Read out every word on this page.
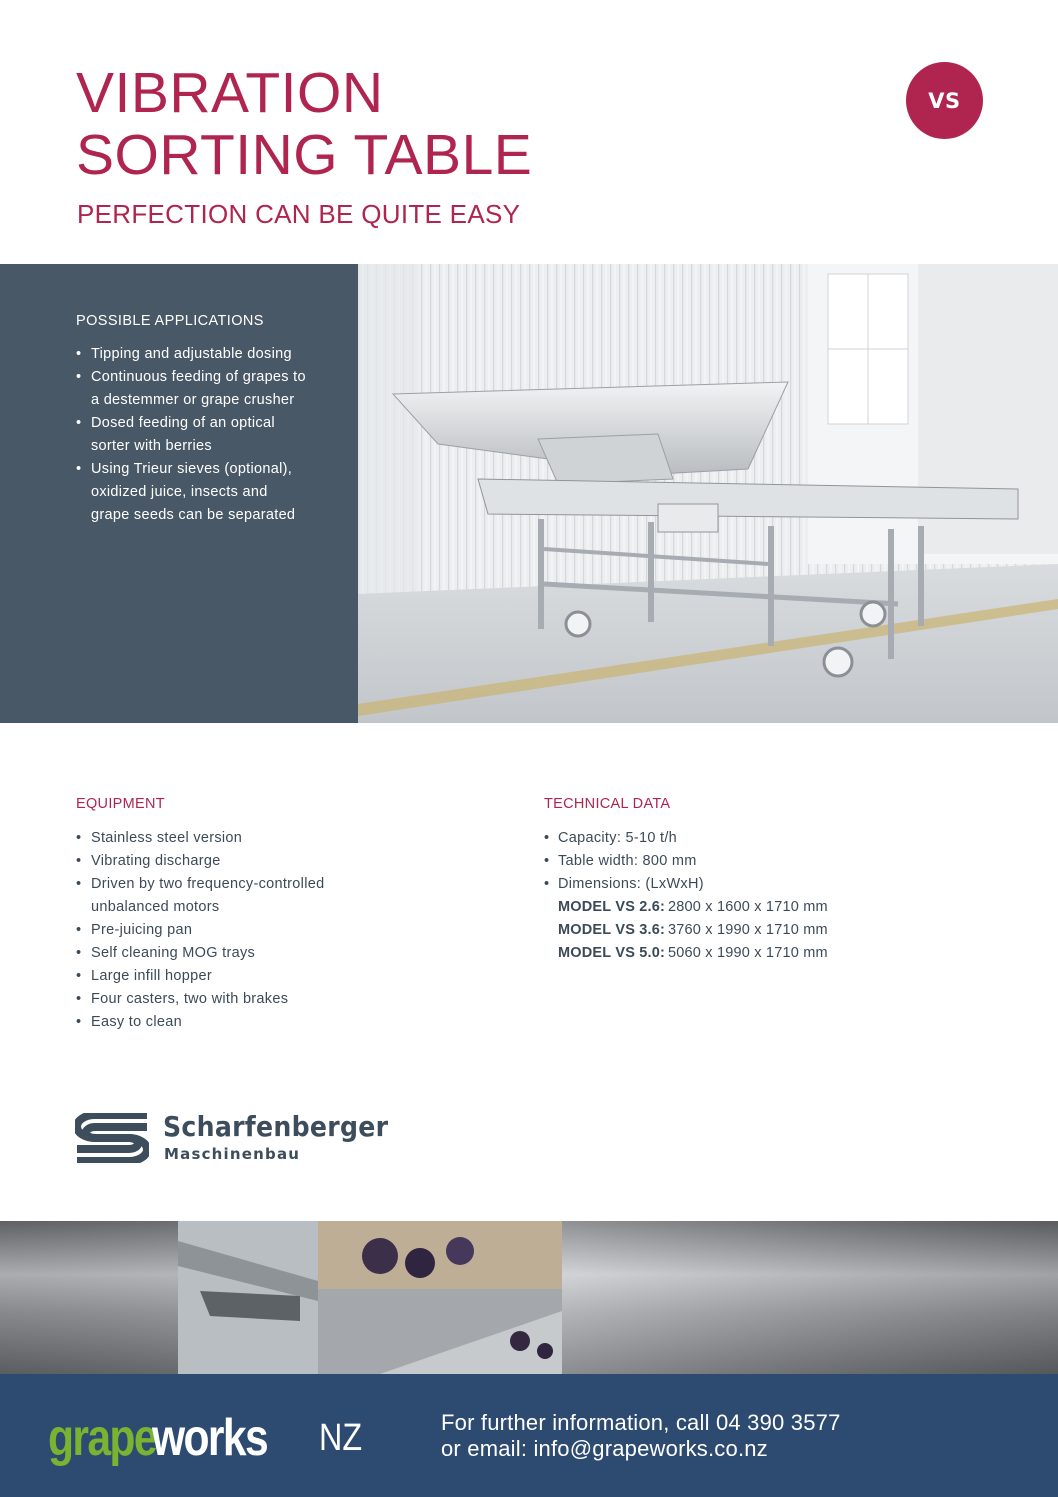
VIBRATION
SORTING TABLE
PERFECTION CAN BE QUITE EASY
VS
POSSIBLE APPLICATIONS
• Tipping and adjustable dosing
• Continuous feeding of grapes to
a destemmer or grape crusher
• Dosed feeding of an optical
sorter with berries
• Using Trieur sieves (optional),
oxidized juice, insects and
grape seeds can be separated
EQUIPMENT
• Stainless steel version
• Vibrating discharge
• Driven by two frequency-controlled
unbalanced motors
• Pre-juicing pan
• Self cleaning MOG trays
• Large infill hopper
• Four casters, two with brakes
• Easy to clean
TECHNICAL DATA
• Capacity: 5-10 t/h
• Table width: 800 mm
• Dimensions: (LxWxH)
MODEL VS 2.6: 2800 x 1600 x 1710 mm
MODEL VS 3.6: 3760 x 1990 x 1710 mm
MODEL VS 5.0: 5060 x 1990 x 1710 mm
Scharfenberger
Maschinenbau
grape
works NZ	For further information, call 04 390 3577
or email: info@grapeworks.co.nz
